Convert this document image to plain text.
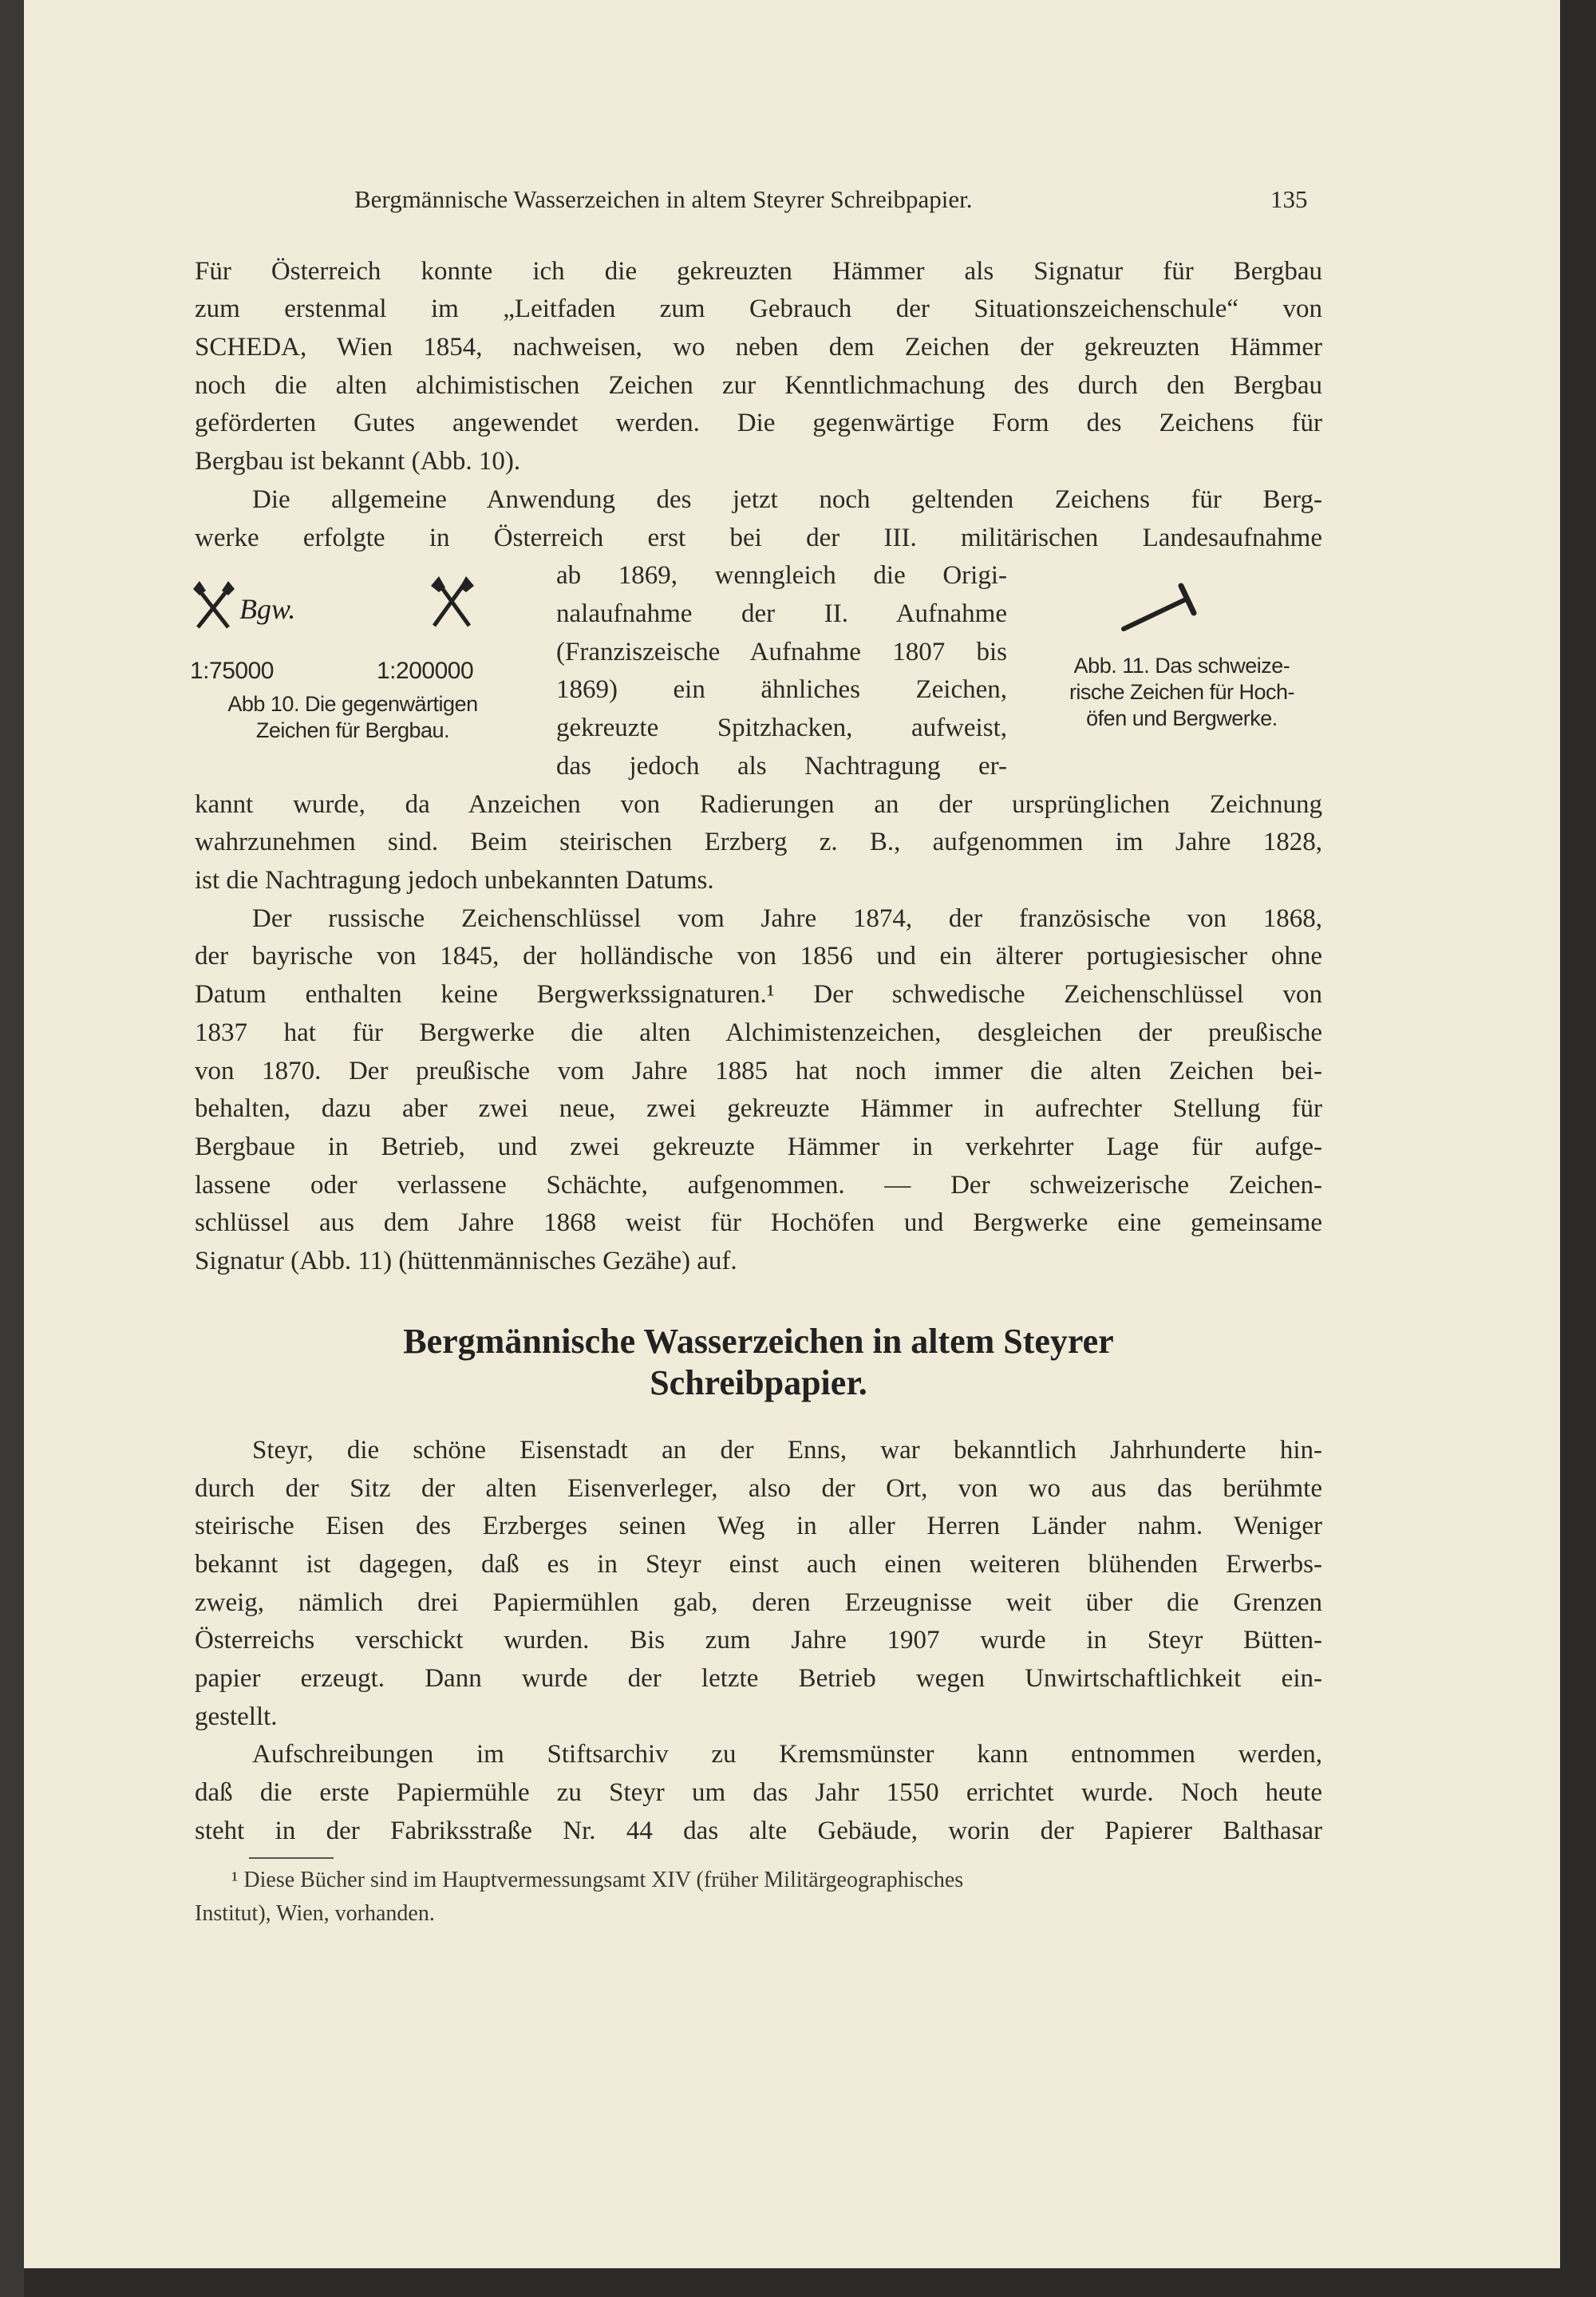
Bergmännische Wasserzeichen in altem Steyrer Schreibpapier.	135
Für Österreich konnte ich die gekreuzten Hämmer als Signatur für Bergbau
zum erstenmal im „Leitfaden zum Gebrauch der Situationszeichenschule“ von
SCHEDA, Wien 1854, nachweisen, wo neben dem Zeichen der gekreuzten Hämmer
noch die alten alchimistischen Zeichen zur Kenntlichmachung des durch den Bergbau
geförderten Gutes angewendet werden. Die gegenwärtige Form des Zeichens für
Bergbau ist bekannt (Abb. 10).
Die allgemeine Anwendung des jetzt noch geltenden Zeichens für Berg-
werke erfolgte in Österreich erst bei der III. militärischen Landesaufnahme
ab 1869, wenngleich die Origi-
nalaufnahme der II. Aufnahme
(Franziszeische Aufnahme 1807 bis
1869) ein ähnliches Zeichen,
gekreuzte Spitzhacken, aufweist,
das jedoch als Nachtragung er-
kannt wurde, da Anzeichen von Radierungen an der ursprünglichen Zeichnung
wahrzunehmen sind. Beim steirischen Erzberg z. B., aufgenommen im Jahre 1828,
ist die Nachtragung jedoch unbekannten Datums.
Der russische Zeichenschlüssel vom Jahre 1874, der französische von 1868,
der bayrische von 1845, der holländische von 1856 und ein älterer portugiesischer ohne
Datum enthalten keine Bergwerkssignaturen.¹ Der schwedische Zeichenschlüssel von
1837 hat für Bergwerke die alten Alchimistenzeichen, desgleichen der preußische
von 1870. Der preußische vom Jahre 1885 hat noch immer die alten Zeichen bei-
behalten, dazu aber zwei neue, zwei gekreuzte Hämmer in aufrechter Stellung für
Bergbaue in Betrieb, und zwei gekreuzte Hämmer in verkehrter Lage für aufge-
lassene oder verlassene Schächte, aufgenommen. — Der schweizerische Zeichen-
schlüssel aus dem Jahre 1868 weist für Hochöfen und Bergwerke eine gemeinsame
Signatur (Abb. 11) (hüttenmännisches Gezähe) auf.
Steyr, die schöne Eisenstadt an der Enns, war bekanntlich Jahrhunderte hin-
durch der Sitz der alten Eisenverleger, also der Ort, von wo aus das berühmte
steirische Eisen des Erzberges seinen Weg in aller Herren Länder nahm. Weniger
bekannt ist dagegen, daß es in Steyr einst auch einen weiteren blühenden Erwerbs-
zweig, nämlich drei Papiermühlen gab, deren Erzeugnisse weit über die Grenzen
Österreichs verschickt wurden. Bis zum Jahre 1907 wurde in Steyr Bütten-
papier erzeugt. Dann wurde der letzte Betrieb wegen Unwirtschaftlichkeit ein-
gestellt.
Aufschreibungen im Stiftsarchiv zu Kremsmünster kann entnommen werden,
daß die erste Papiermühle zu Steyr um das Jahr 1550 errichtet wurde. Noch heute
steht in der Fabriksstraße Nr. 44 das alte Gebäude, worin der Papierer Balthasar
Bergmännische Wasserzeichen in altem Steyrer
Schreibpapier.
Bgw.
1:75000	1:200000
Abb 10. Die gegenwärtigen
Zeichen für Bergbau.
Abb. 11. Das schweize-
rische Zeichen für Hoch-
öfen und Bergwerke.
¹ Diese Bücher sind im Hauptvermessungsamt XIV (früher Militärgeographisches
Institut), Wien, vorhanden.
